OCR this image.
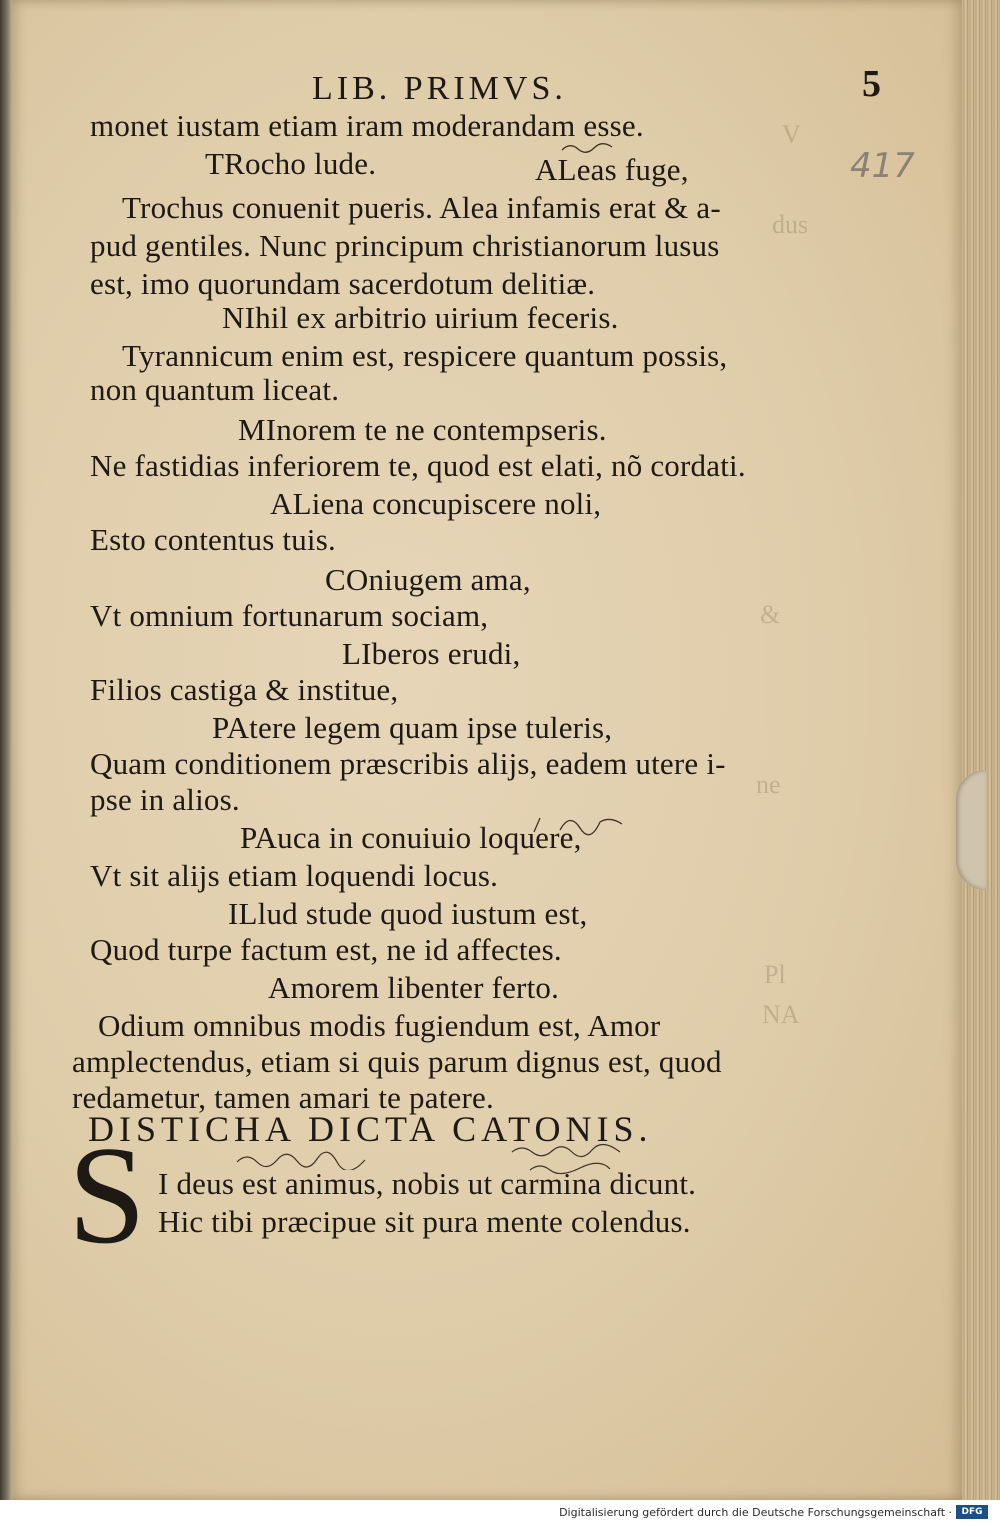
V
dus
&
ne
Pl
NA
LIB. PRIMVS.	5
417
monet iustam etiam iram moderandam esse.
TRocho lude.	ALeas fuge,
Trochus conuenit pueris. Alea infamis erat & a-
pud gentiles. Nunc principum christianorum lusus
est, imo quorundam sacerdotum delitiæ.
NIhil ex arbitrio uirium feceris.
Tyrannicum enim est, respicere quantum possis,
non quantum liceat.
MInorem te ne contempseris.
Ne fastidias inferiorem te, quod est elati, nõ cordati.
ALiena concupiscere noli,
Esto contentus tuis.
COniugem ama,
Vt omnium fortunarum sociam,
LIberos erudi,
Filios castiga & institue,
PAtere legem quam ipse tuleris,
Quam conditionem præscribis alijs, eadem utere i-
pse in alios.
PAuca in conuiuio loquere,
Vt sit alijs etiam loquendi locus.
ILlud stude quod iustum est,
Quod turpe factum est, ne id affectes.
Amorem libenter ferto.
Odium omnibus modis fugiendum est, Amor
amplectendus, etiam si quis parum dignus est, quod
redametur, tamen amari te patere.
DISTICHA DICTA CATONIS.
S I deus est animus, nobis ut carmina dicunt.
Hic tibi præcipue sit pura mente colendus.
Digitalisierung gefördert durch die Deutsche Forschungsgemeinschaft ·	DFG
